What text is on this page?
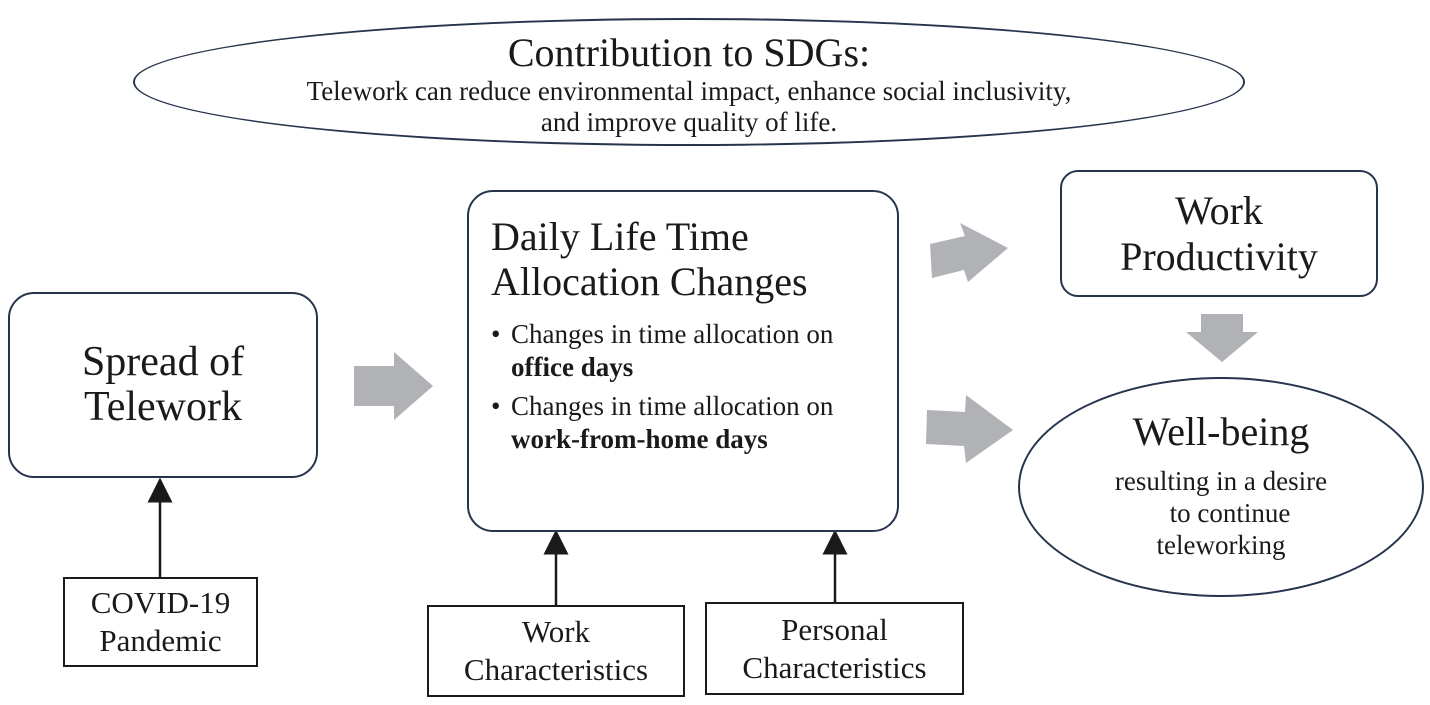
Contribution to SDGs:
Telework can reduce environmental impact, enhance social inclusivity,
and improve quality of life.
Spread of
Telework
Daily Life Time
Allocation Changes
• Changes in time allocation on
office days
• Changes in time allocation on
work-from-home days
Work
Productivity
Well-being
resulting in a desire
to continue
teleworking
COVID-19
Pandemic	Work
Characteristics
Personal
Characteristics
